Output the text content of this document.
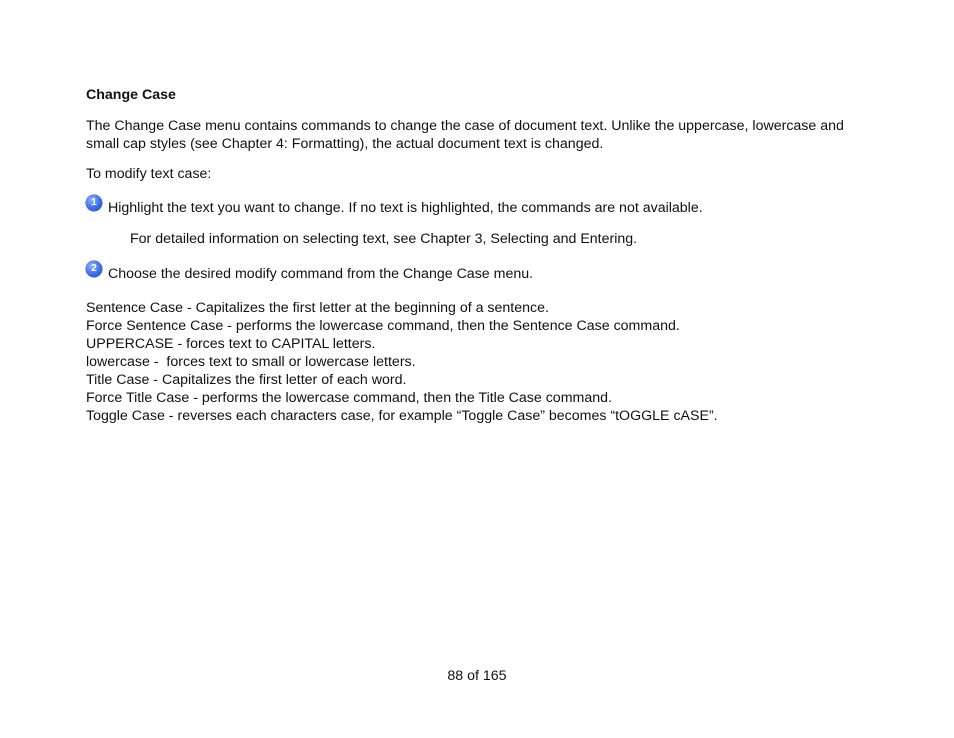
Change Case

The Change Case menu contains commands to change the case of document text. Unlike the uppercase, lowercase and small cap styles (see Chapter 4: Formatting), the actual document text is changed.

To modify text case:

1 Highlight the text you want to change. If no text is highlighted, the commands are not available.

For detailed information on selecting text, see Chapter 3, Selecting and Entering.

2 Choose the desired modify command from the Change Case menu.

Sentence Case - Capitalizes the first letter at the beginning of a sentence.

Force Sentence Case - performs the lowercase command, then the Sentence Case command.

UPPERCASE - forces text to CAPITAL letters.

lowercase -  forces text to small or lowercase letters.

Title Case - Capitalizes the first letter of each word.

Force Title Case - performs the lowercase command, then the Title Case command.

Toggle Case - reverses each characters case, for example “Toggle Case” becomes “tOGGLE cASE”.

88 of 165
